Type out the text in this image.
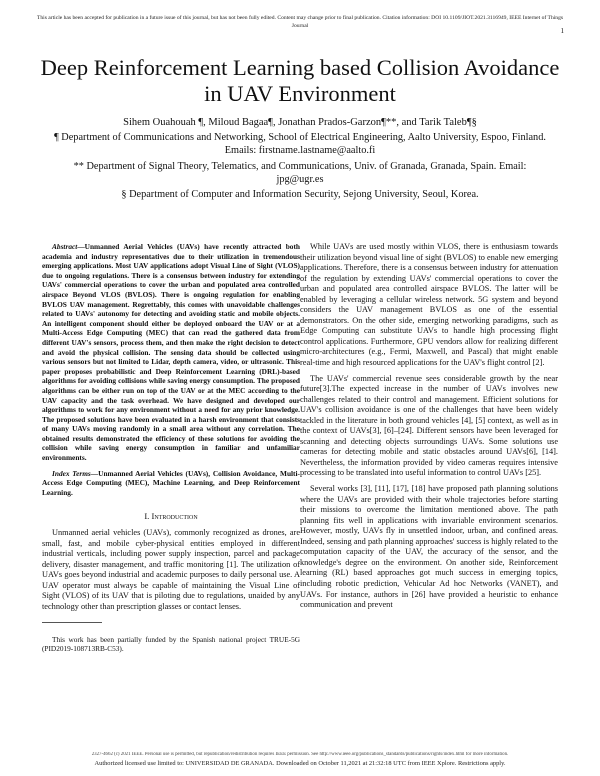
This article has been accepted for publication in a future issue of this journal, but has not been fully edited. Content may change prior to final publication. Citation information: DOI 10.1109/JIOT.2021.3116949, IEEE Internet of Things Journal
1
Deep Reinforcement Learning based Collision Avoidance in UAV Environment
Sihem Ouahouah ¶, Miloud Bagaa¶, Jonathan Prados-Garzon¶**, and Tarik Taleb¶§
¶ Department of Communications and Networking, School of Electrical Engineering, Aalto University, Espoo, Finland. Emails: firstname.lastname@aalto.fi
** Department of Signal Theory, Telematics, and Communications, Univ. of Granada, Granada, Spain. Email: jpg@ugr.es
§ Department of Computer and Information Security, Sejong University, Seoul, Korea.

Abstract—Unmanned Aerial Vehicles (UAVs) have recently attracted both academia and industry representatives due to their utilization in tremendous emerging applications. Most UAV applications adopt Visual Line of Sight (VLOS) due to ongoing regulations. There is a consensus between industry for extending UAVs' commercial operations to cover the urban and populated area controlled airspace Beyond VLOS (BVLOS). There is ongoing regulation for enabling BVLOS UAV management. Regrettably, this comes with unavoidable challenges related to UAVs' autonomy for detecting and avoiding static and mobile objects. An intelligent component should either be deployed onboard the UAV or at a Multi-Access Edge Computing (MEC) that can read the gathered data from different UAV's sensors, process them, and then make the right decision to detect and avoid the physical collision. The sensing data should be collected using various sensors but not limited to Lidar, depth camera, video, or ultrasonic. This paper proposes probabilistic and Deep Reinforcement Learning (DRL)-based algorithms for avoiding collisions while saving energy consumption. The proposed algorithms can be either run on top of the UAV or at the MEC according to the UAV capacity and the task overhead. We have designed and developed our algorithms to work for any environment without a need for any prior knowledge. The proposed solutions have been evaluated in a harsh environment that consists of many UAVs moving randomly in a small area without any correlation. The obtained results demonstrated the efficiency of these solutions for avoiding the collision while saving energy consumption in familiar and unfamiliar environments.

Index Terms—Unmanned Aerial Vehicles (UAVs), Collision Avoidance, Multi-Access Edge Computing (MEC), Machine Learning, and Deep Reinforcement Learning.

I. Introduction

Unmanned aerial vehicles (UAVs), commonly recognized as drones, are small, fast, and mobile cyber-physical entities employed in different industrial verticals, including power supply inspection, parcel and package delivery, disaster management, and traffic monitoring [1]. The utilization of UAVs goes beyond industrial and academic purposes to daily personal use. A UAV operator must always be capable of maintaining the Visual Line of Sight (VLOS) of its UAV that is piloting due to regulations, unaided by any technology other than prescription glasses or contact lenses.

This work has been partially funded by the Spanish national project TRUE-5G (PID2019-108713RB-C53).

While UAVs are used mostly within VLOS, there is enthusiasm towards their utilization beyond visual line of sight (BVLOS) to enable new emerging applications. Therefore, there is a consensus between industry for attenuation of the regulation by extending UAVs' commercial operations to cover the urban and populated area controlled airspace BVLOS. The latter will be enabled by leveraging a cellular wireless network. 5G system and beyond considers the UAV management BVLOS as one of the essential demonstrators. On the other side, emerging networking paradigms, such as Edge Computing can substitute UAVs to handle high processing flight control applications. Furthermore, GPU vendors allow for realizing different micro-architectures (e.g., Fermi, Maxwell, and Pascal) that might enable real-time and high resourced applications for the UAV's flight control [2].

The UAVs' commercial revenue sees considerable growth by the near future[3].The expected increase in the number of UAVs involves new challenges related to their control and management. Efficient solutions for UAV's collision avoidance is one of the challenges that have been widely tackled in the literature in both ground vehicles [4], [5] context, as well as in the context of UAVs[3], [6]–[24]. Different sensors have been leveraged for scanning and detecting objects surroundings UAVs. Some solutions use cameras for detecting mobile and static obstacles around UAVs[6], [14]. Nevertheless, the information provided by video cameras requires intensive processing to be translated into useful information to control UAVs [25].

Several works [3], [11], [17], [18] have proposed path planning solutions where the UAVs are provided with their whole trajectories before starting their missions to overcome the limitation mentioned above. The path planning fits well in applications with invariable environment scenarios. However, mostly, UAVs fly in unsettled indoor, urban, and confined areas. Indeed, sensing and path planning approaches' success is highly related to the computation capacity of the UAV, the accuracy of the sensor, and the knowledge's degree on the environment. On another side, Reinforcement learning (RL) based approaches got much success in emerging topics, including robotic prediction, Vehicular Ad hoc Networks (VANET), and UAVs. For instance, authors in [26] have provided a heuristic to enhance communication and prevent

2327-4662 (c) 2021 IEEE. Personal use is permitted, but republication/redistribution requires IEEE permission. See http://www.ieee.org/publications_standards/publications/rights/index.html for more information.
Authorized licensed use limited to: UNIVERSIDAD DE GRANADA. Downloaded on October 11,2021 at 21:32:18 UTC from IEEE Xplore. Restrictions apply.
